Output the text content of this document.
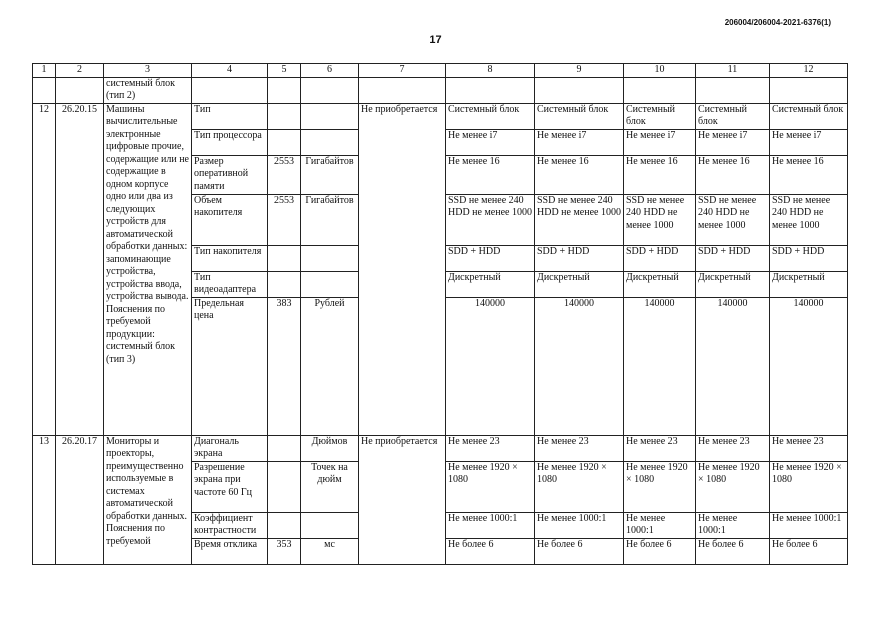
206004/206004-2021-6376(1)
17
1	2	3	4	5	6	7	8	9	10	11	12
		системный блок (тип 2)									
12	26.20.15	Машины вычислительные электронные цифровые прочие, содержащие или не содержащие в одном корпусе одно или два из следующих устройств для автоматической обработки данных: запоминающие устройства, устройства ввода, устройства вывода. Пояснения по требуемой продукции: системный блок (тип 3)	Тип			Не приобретается	Системный блок	Системный блок	Системный блок	Системный блок	Системный блок
			Тип процессора				Не менее i7	Не менее i7	Не менее i7	Не менее i7	Не менее i7
			Размер оперативной памяти	2553	Гигабайтов		Не менее 16	Не менее 16	Не менее 16	Не менее 16	Не менее 16
			Объем накопителя	2553	Гигабайтов		SSD не менее 240 HDD не менее 1000	SSD не менее 240 HDD не менее 1000	SSD не менее 240 HDD не менее 1000	SSD не менее 240 HDD не менее 1000	SSD не менее 240 HDD не менее 1000
			Тип накопителя				SDD + HDD	SDD + HDD	SDD + HDD	SDD + HDD	SDD + HDD
			Тип видеоадаптера				Дискретный	Дискретный	Дискретный	Дискретный	Дискретный
			Предельная цена	383	Рублей		140000	140000	140000	140000	140000
13	26.20.17	Мониторы и проекторы, преимущественно используемые в системах автоматической обработки данных. Пояснения по требуемой	Диагональ экрана		Дюймов	Не приобретается	Не менее 23	Не менее 23	Не менее 23	Не менее 23	Не менее 23
			Разрешение экрана при частоте 60 Гц		Точек на дюйм		Не менее 1920 × 1080	Не менее 1920 × 1080	Не менее 1920 × 1080	Не менее 1920 × 1080	Не менее 1920 × 1080
			Коэффициент контрастности				Не менее 1000:1	Не менее 1000:1	Не менее 1000:1	Не менее 1000:1	Не менее 1000:1
			Время отклика	353	мс		Не более 6	Не более 6	Не более 6	Не более 6	Не более 6
